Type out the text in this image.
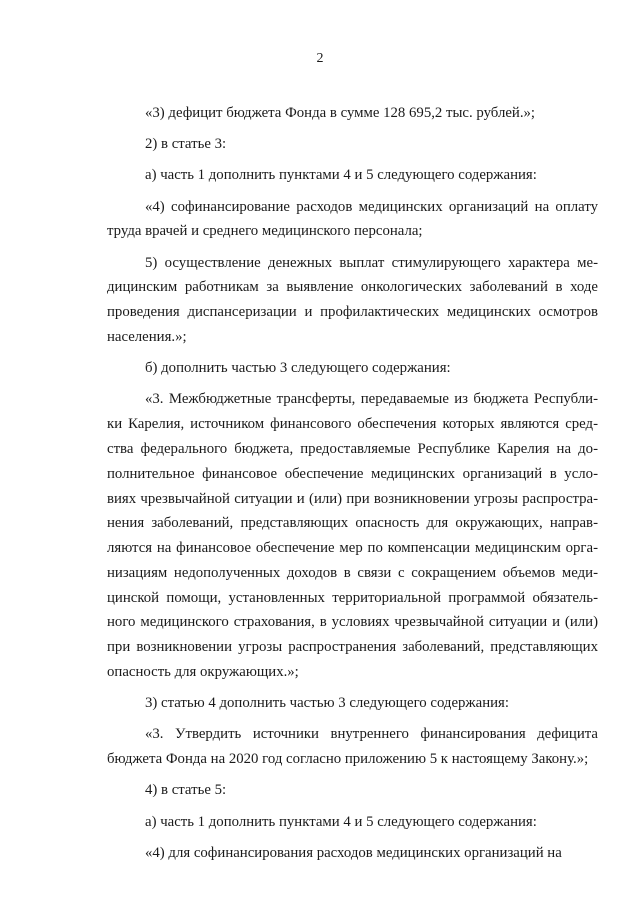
2

«3) дефицит бюджета Фонда в сумме 128 695,2 тыс. рублей.»;

2) в статье 3:

а) часть 1 дополнить пунктами 4 и 5 следующего содержания:

«4) софинансирование расходов медицинских организаций на оплату труда врачей и среднего медицинского персонала;

5) осуществление денежных выплат стимулирующего характера медицинским работникам за выявление онкологических заболеваний в ходе проведения диспансеризации и профилактических медицинских осмотров населения.»;

б) дополнить частью 3 следующего содержания:

«3. Межбюджетные трансферты, передаваемые из бюджета Республики Карелия, источником финансового обеспечения которых являются средства федерального бюджета, предоставляемые Республике Карелия на дополнительное финансовое обеспечение медицинских организаций в условиях чрезвычайной ситуации и (или) при возникновении угрозы распространения заболеваний, представляющих опасность для окружающих, направляются на финансовое обеспечение мер по компенсации медицинским организациям недополученных доходов в связи с сокращением объемов медицинской помощи, установленных территориальной программой обязательного медицинского страхования, в условиях чрезвычайной ситуации и (или) при возникновении угрозы распространения заболеваний, представляющих опасность для окружающих.»;

3) статью 4 дополнить частью 3 следующего содержания:

«3. Утвердить источники внутреннего финансирования дефицита бюджета Фонда на 2020 год согласно приложению 5 к настоящему Закону.»;

4) в статье 5:

а) часть 1 дополнить пунктами 4 и 5 следующего содержания:

«4) для софинансирования расходов медицинских организаций на
